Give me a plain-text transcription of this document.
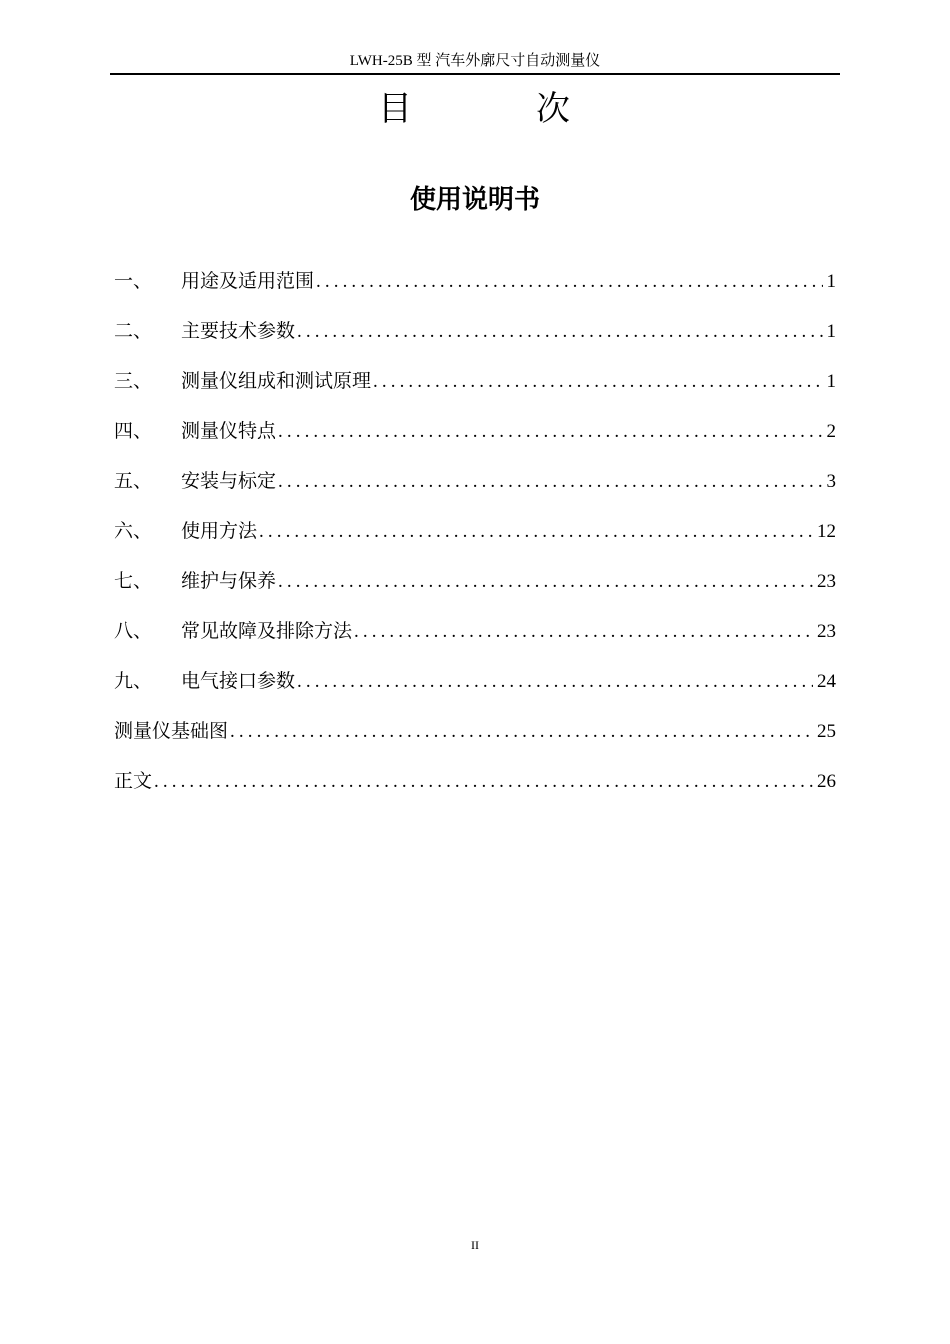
LWH-25B 型 汽车外廓尺寸自动测量仪
目	次
使用说明书
一、	用途及适用范围 .....	1
二、	主要技术参数 .....	1
三、	测量仪组成和测试原理 .....	1
四、	测量仪特点 .....	2
五、	安装与标定 .....	3
六、	使用方法 .....	12
七、	维护与保养 .....	23
八、	常见故障及排除方法 .....	23
九、	电气接口参数 .....	24
测量仪基础图 .....	25
正文 .....	26
II
